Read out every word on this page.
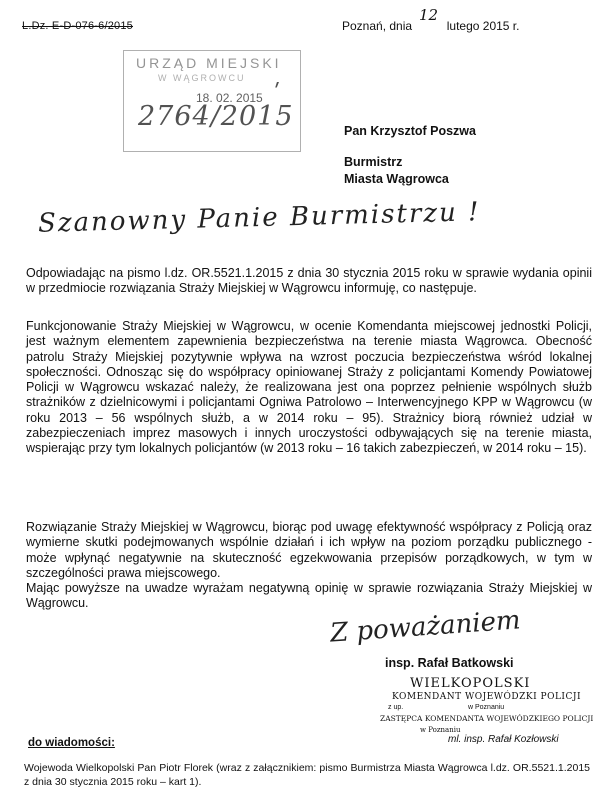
L.Dz. E-D-076-6/2015	Poznań, dnia	lutego 2015 r.
12
URZĄD MIEJSKI
W WĄGROWCU
18. 02. 2015
2764/2015
ʹ
Pan Krzysztof Poszwa
Burmistrz
Miasta Wągrowca
Szanowny Panie Burmistrzu !

Odpowiadając na pismo l.dz. OR.5521.1.2015 z dnia 30 stycznia 2015 roku w sprawie wydania opinii w przedmiocie rozwiązania Straży Miejskiej w Wągrowcu informuję, co następuje.

Funkcjonowanie Straży Miejskiej w Wągrowcu, w ocenie Komendanta miejscowej jednostki Policji, jest ważnym elementem zapewnienia bezpieczeństwa na terenie miasta Wągrowca. Obecność patrolu Straży Miejskiej pozytywnie wpływa na wzrost poczucia bezpieczeństwa wśród lokalnej społeczności. Odnosząc się do współpracy opiniowanej Straży z policjantami Komendy Powiatowej Policji w Wągrowcu wskazać należy, że realizowana jest ona poprzez pełnienie wspólnych służb strażników z dzielnicowymi i policjantami Ogniwa Patrolowo – Interwencyjnego KPP w Wągrowcu (w roku 2013 – 56 wspólnych służb, a w 2014 roku – 95). Strażnicy biorą również udział w zabezpieczeniach imprez masowych i innych uroczystości odbywających się na terenie miasta, wspierając przy tym lokalnych policjantów (w 2013 roku – 16 takich zabezpieczeń, w 2014 roku – 15).

Rozwiązanie Straży Miejskiej w Wągrowcu, biorąc pod uwagę efektywność współpracy z Policją oraz wymierne skutki podejmowanych wspólnie działań i ich wpływ na poziom porządku publicznego - może wpłynąć negatywnie na skuteczność egzekwowania przepisów porządkowych, w tym w szczególności prawa miejscowego.

Mając powyższe na uwadze wyrażam negatywną opinię w sprawie rozwiązania Straży Miejskiej w Wągrowcu.

Z poważaniem
insp. Rafał Batkowski
WIELKOPOLSKI
KOMENDANT WOJEWÓDZKI POLICJI
z up.	w Poznaniu
ZASTĘPCA KOMENDANTA WOJEWÓDZKIEGO POLICJI
w Poznaniu
ml. insp. Rafał Kozłowski
do wiadomości:

Wojewoda Wielkopolski Pan Piotr Florek (wraz z załącznikiem: pismo Burmistrza Miasta Wągrowca l.dz. OR.5521.1.2015 z dnia 30 stycznia 2015 roku – kart 1).
